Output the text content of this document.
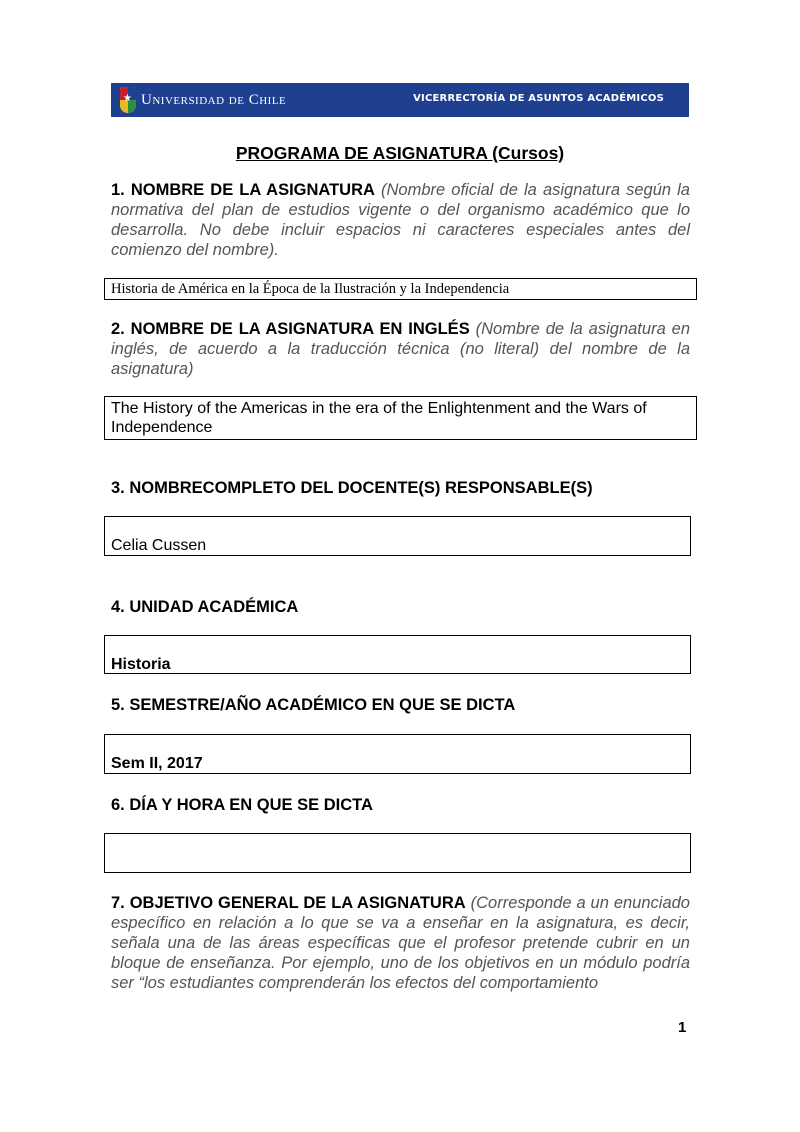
★ Universidad de Chile	VICERRECTORÍA DE ASUNTOS ACADÉMICOS
PROGRAMA DE ASIGNATURA (Cursos)
1. NOMBRE DE LA ASIGNATURA (Nombre oficial de la asignatura según la normativa del plan de estudios vigente o del organismo académico que lo desarrolla. No debe incluir espacios ni caracteres especiales antes del comienzo del nombre).
Historia de América en la Época de la Ilustración y la Independencia
2. NOMBRE DE LA ASIGNATURA EN INGLÉS (Nombre de la asignatura en inglés, de acuerdo a la traducción técnica (no literal) del nombre de la asignatura)
The History of the Americas in the era of the Enlightenment and the Wars of Independence
3. NOMBRECOMPLETO DEL DOCENTE(S) RESPONSABLE(S)
Celia Cussen
4. UNIDAD ACADÉMICA
Historia
5. SEMESTRE/AÑO ACADÉMICO EN QUE SE DICTA
Sem II, 2017
6. DÍA Y HORA EN QUE SE DICTA
7. OBJETIVO GENERAL DE LA ASIGNATURA (Corresponde a un enunciado específico en relación a lo que se va a enseñar en la asignatura, es decir, señala una de las áreas específicas que el profesor pretende cubrir en un bloque de enseñanza. Por ejemplo, uno de los objetivos en un módulo podría ser “los estudiantes comprenderán los efectos del comportamiento
1
